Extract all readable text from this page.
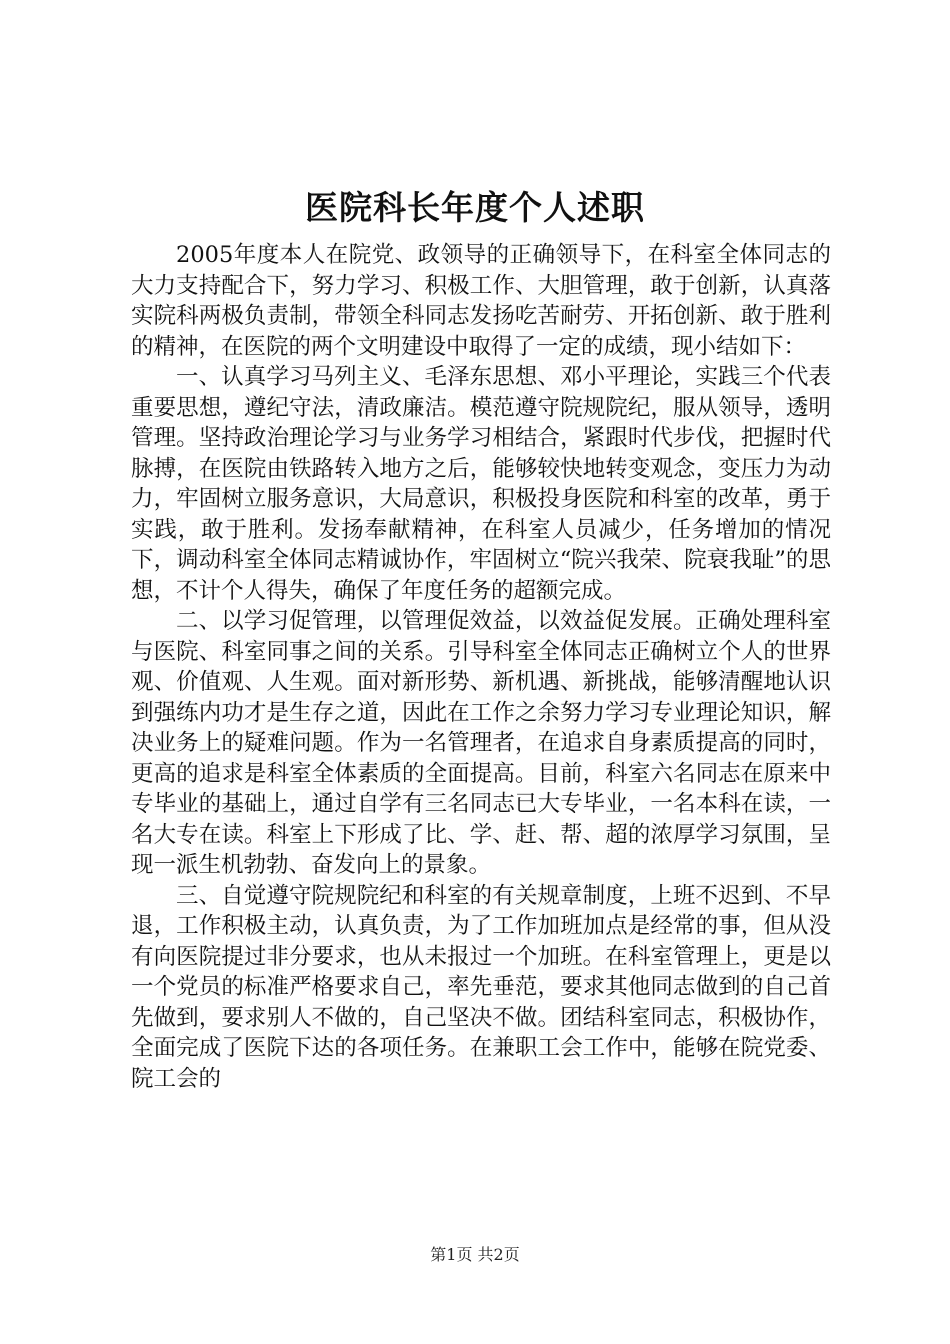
医院科长年度个人述职

2005年度本人在院党、政领导的正确领导下，在科室全体同志的大力支持配合下，努力学习、积极工作、大胆管理，敢于创新，认真落实院科两极负责制，带领全科同志发扬吃苦耐劳、开拓创新、敢于胜利的精神，在医院的两个文明建设中取得了一定的成绩，现小结如下：

一、认真学习马列主义、毛泽东思想、邓小平理论，实践三个代表重要思想，遵纪守法，清政廉洁。模范遵守院规院纪，服从领导，透明管理。坚持政治理论学习与业务学习相结合，紧跟时代步伐，把握时代脉搏，在医院由铁路转入地方之后，能够较快地转变观念，变压力为动力，牢固树立服务意识，大局意识，积极投身医院和科室的改革，勇于实践，敢于胜利。发扬奉献精神，在科室人员减少，任务增加的情况下，调动科室全体同志精诚协作，牢固树立“院兴我荣、院衰我耻”的思想，不计个人得失，确保了年度任务的超额完成。

二、以学习促管理，以管理促效益，以效益促发展。正确处理科室与医院、科室同事之间的关系。引导科室全体同志正确树立个人的世界观、价值观、人生观。面对新形势、新机遇、新挑战，能够清醒地认识到强练内功才是生存之道，因此在工作之余努力学习专业理论知识，解决业务上的疑难问题。作为一名管理者，在追求自身素质提高的同时，更高的追求是科室全体素质的全面提高。目前，科室六名同志在原来中专毕业的基础上，通过自学有三名同志已大专毕业，一名本科在读，一名大专在读。科室上下形成了比、学、赶、帮、超的浓厚学习氛围，呈现一派生机勃勃、奋发向上的景象。

三、自觉遵守院规院纪和科室的有关规章制度，上班不迟到、不早退，工作积极主动，认真负责，为了工作加班加点是经常的事，但从没有向医院提过非分要求，也从未报过一个加班。在科室管理上，更是以一个党员的标准严格要求自己，率先垂范，要求其他同志做到的自己首先做到，要求别人不做的，自己坚决不做。团结科室同志，积极协作，全面完成了医院下达的各项任务。在兼职工会工作中，能够在院党委、院工会的

第1页 共2页
